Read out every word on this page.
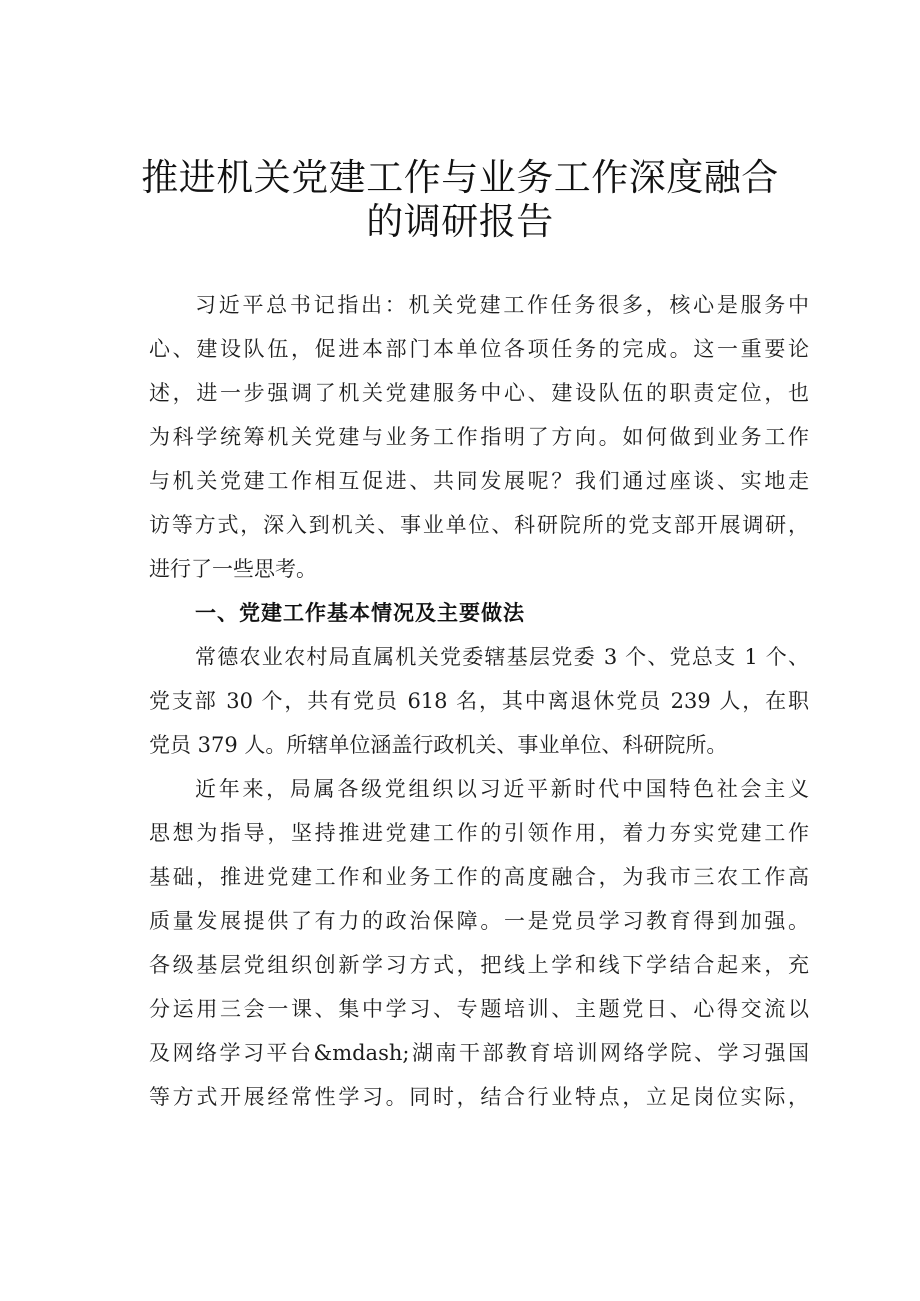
推进机关党建工作与业务工作深度融合
的调研报告
习近平总书记指出：机关党建工作任务很多，核心是服务中
心、建设队伍，促进本部门本单位各项任务的完成。这一重要论
述，进一步强调了机关党建服务中心、建设队伍的职责定位，也
为科学统筹机关党建与业务工作指明了方向。如何做到业务工作
与机关党建工作相互促进、共同发展呢？我们通过座谈、实地走
访等方式，深入到机关、事业单位、科研院所的党支部开展调研，
进行了一些思考。
一、党建工作基本情况及主要做法
常德农业农村局直属机关党委辖基层党委 3 个、党总支 1 个、
党支部 30 个，共有党员 618 名，其中离退休党员 239 人，在职
党员 379 人。所辖单位涵盖行政机关、事业单位、科研院所。
近年来，局属各级党组织以习近平新时代中国特色社会主义
思想为指导，坚持推进党建工作的引领作用，着力夯实党建工作
基础，推进党建工作和业务工作的高度融合，为我市三农工作高
质量发展提供了有力的政治保障。一是党员学习教育得到加强。
各级基层党组织创新学习方式，把线上学和线下学结合起来，充
分运用三会一课、集中学习、专题培训、主题党日、心得交流以
及网络学习平台&mdash;湖南干部教育培训网络学院、学习强国
等方式开展经常性学习。同时，结合行业特点，立足岗位实际，
